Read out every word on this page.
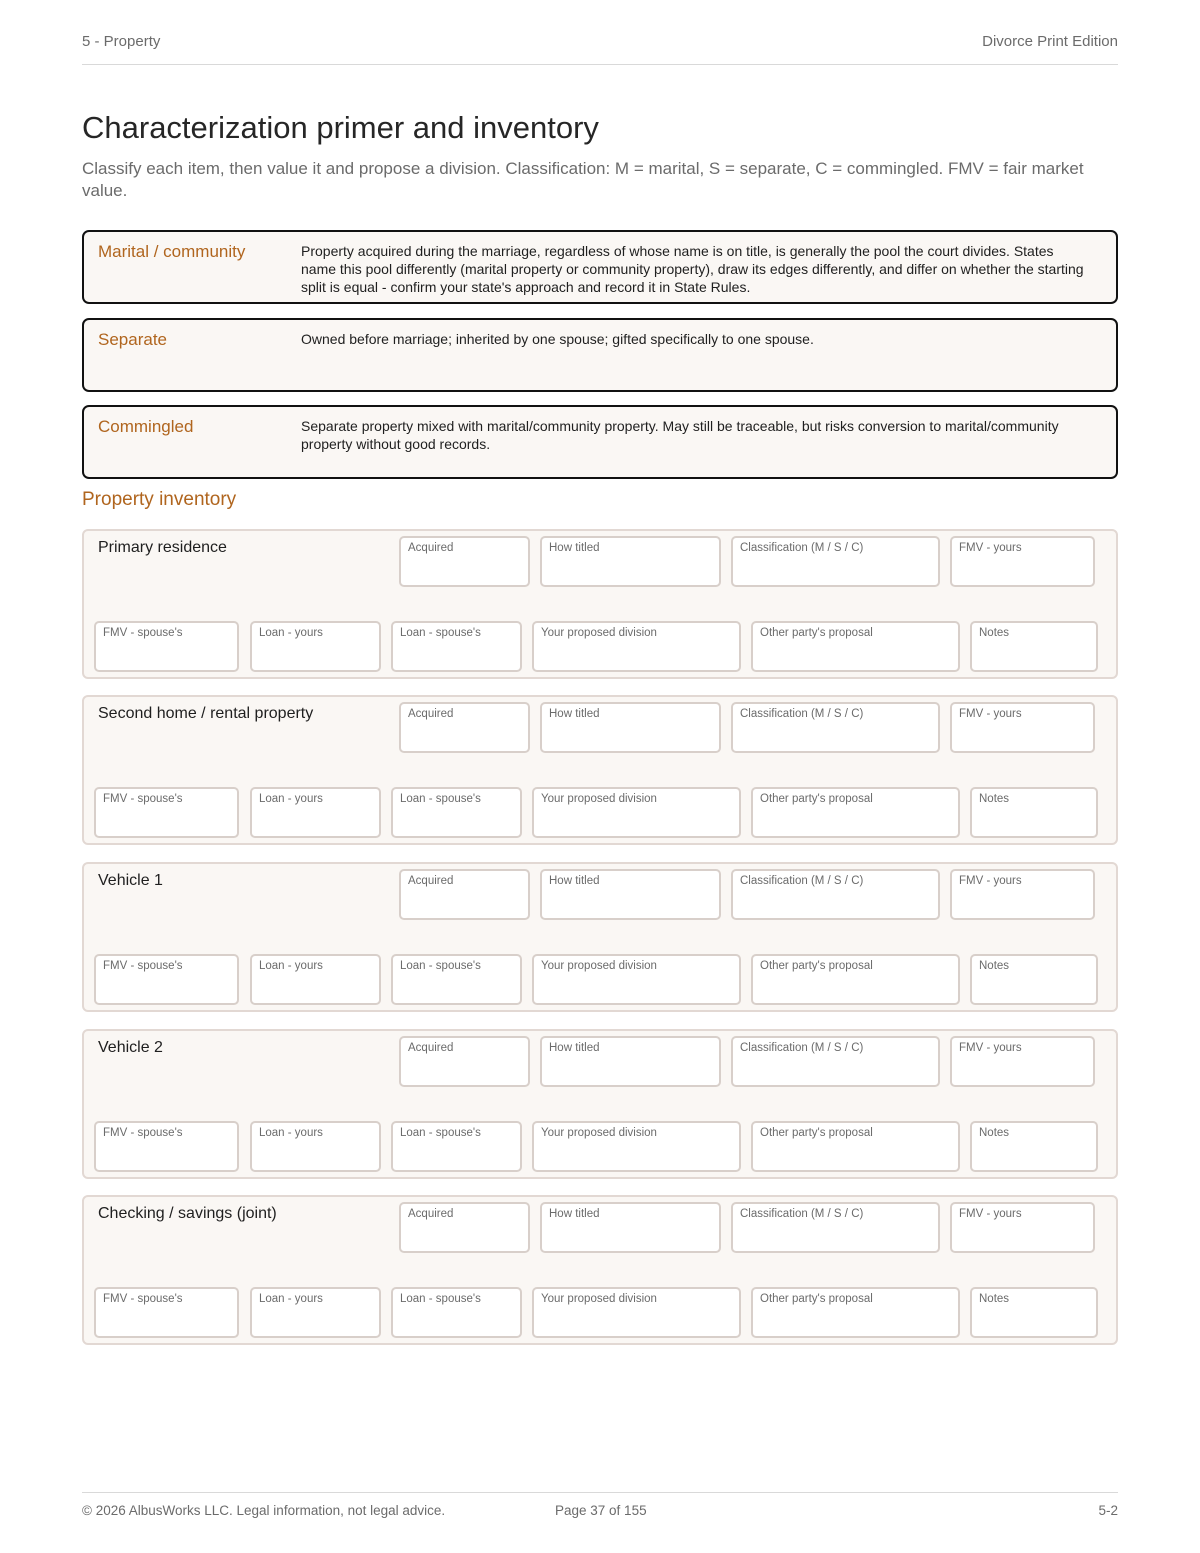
5 - Property	Divorce Print Edition
Characterization primer and inventory

Classify each item, then value it and propose a division. Classification: M = marital, S = separate, C = commingled. FMV = fair market value.

Marital / community	Property acquired during the marriage, regardless of whose name is on title, is generally the pool the court divides. States name this pool differently (marital property or community property), draw its edges differently, and differ on whether the starting split is equal - confirm your state's approach and record it in State Rules.
Separate	Owned before marriage; inherited by one spouse; gifted specifically to one spouse.
Commingled	Separate property mixed with marital/community property. May still be traceable, but risks conversion to marital/community property without good records.
Property inventory
Primary residence	Acquired	How titled	Classification (M / S / C)	FMV - yours
FMV - spouse's	Loan - yours	Loan - spouse's	Your proposed division	Other party's proposal	Notes
Second home / rental property	Acquired	How titled	Classification (M / S / C)	FMV - yours
FMV - spouse's	Loan - yours	Loan - spouse's	Your proposed division	Other party's proposal	Notes
Vehicle 1	Acquired	How titled	Classification (M / S / C)	FMV - yours
FMV - spouse's	Loan - yours	Loan - spouse's	Your proposed division	Other party's proposal	Notes
Vehicle 2	Acquired	How titled	Classification (M / S / C)	FMV - yours
FMV - spouse's	Loan - yours	Loan - spouse's	Your proposed division	Other party's proposal	Notes
Checking / savings (joint)	Acquired	How titled	Classification (M / S / C)	FMV - yours
FMV - spouse's	Loan - yours	Loan - spouse's	Your proposed division	Other party's proposal	Notes
© 2026 AlbusWorks LLC. Legal information, not legal advice.	Page 37 of 155	5-2
